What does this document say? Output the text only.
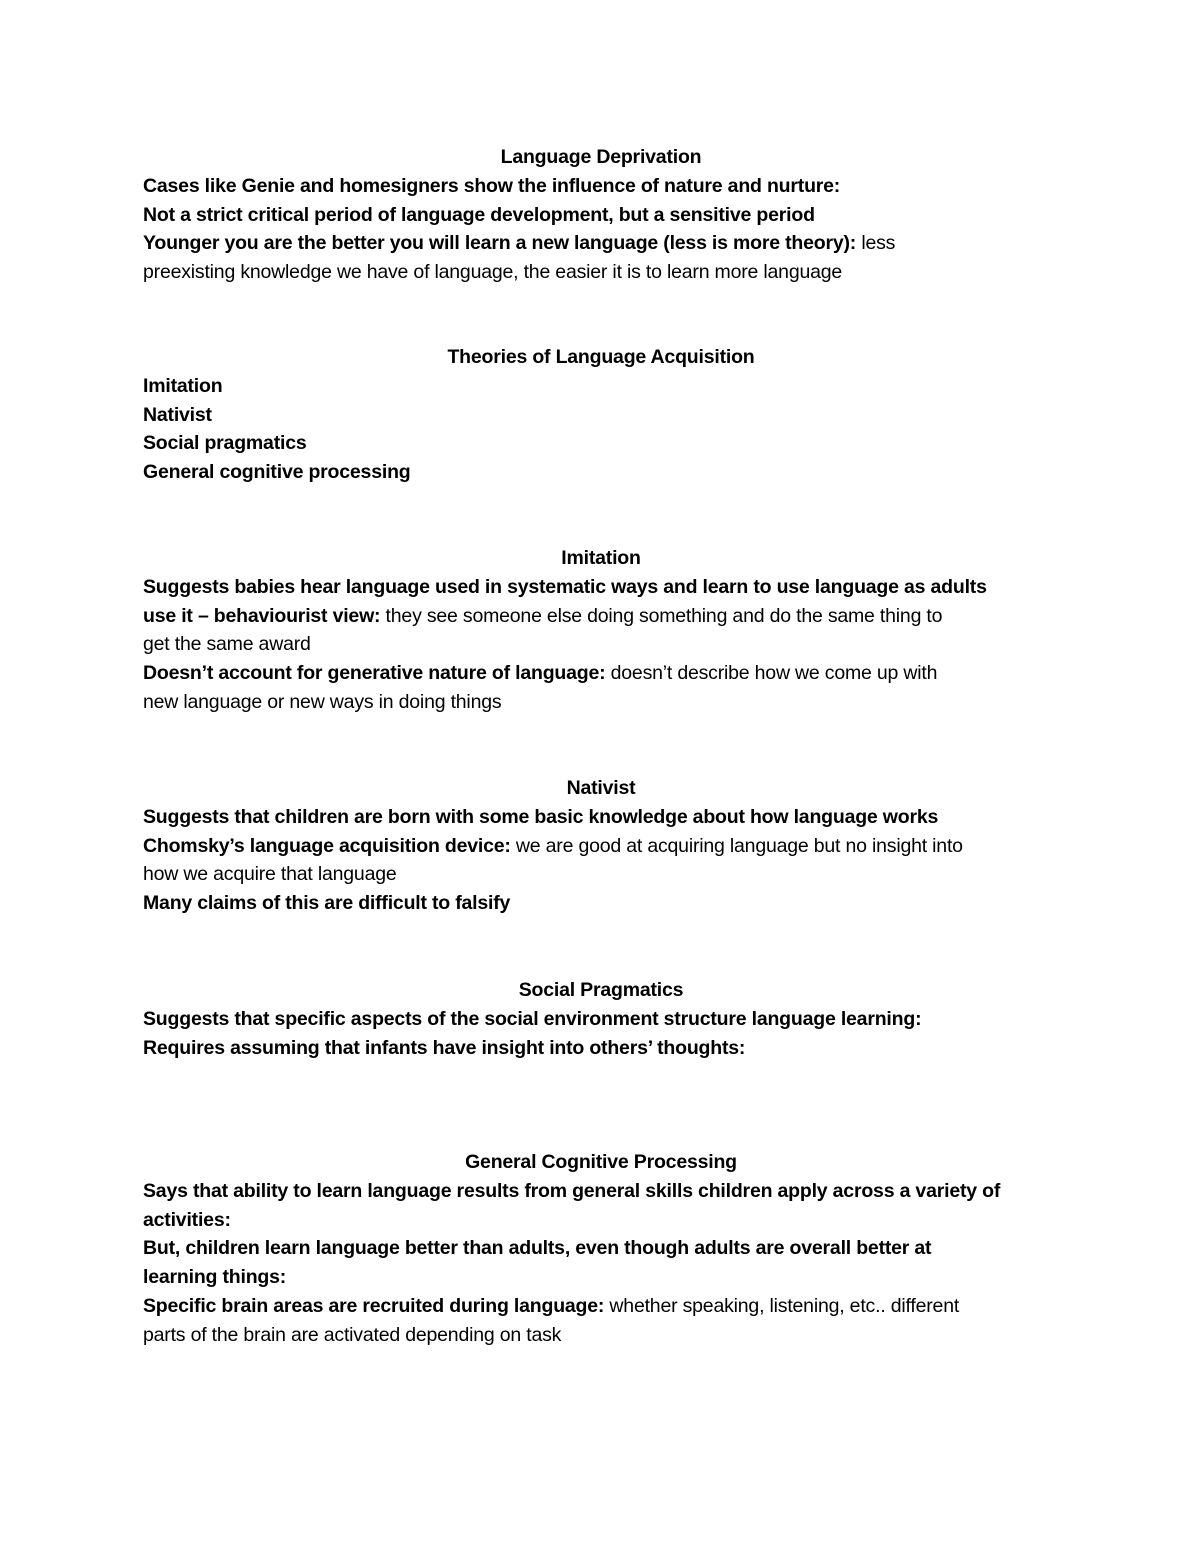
Language Deprivation
Cases like Genie and homesigners show the influence of nature and nurture:
Not a strict critical period of language development, but a sensitive period
Younger you are the better you will learn a new language (less is more theory): less
preexisting knowledge we have of language, the easier it is to learn more language
Theories of Language Acquisition
Imitation
Nativist
Social pragmatics
General cognitive processing
Imitation
Suggests babies hear language used in systematic ways and learn to use language as adults
use it – behaviourist view: they see someone else doing something and do the same thing to
get the same award
Doesn’t account for generative nature of language: doesn’t describe how we come up with
new language or new ways in doing things
Nativist
Suggests that children are born with some basic knowledge about how language works
Chomsky’s language acquisition device: we are good at acquiring language but no insight into
how we acquire that language
Many claims of this are difficult to falsify
Social Pragmatics
Suggests that specific aspects of the social environment structure language learning:
Requires assuming that infants have insight into others’ thoughts:
General Cognitive Processing
Says that ability to learn language results from general skills children apply across a variety of
activities:
But, children learn language better than adults, even though adults are overall better at
learning things:
Specific brain areas are recruited during language: whether speaking, listening, etc.. different
parts of the brain are activated depending on task
